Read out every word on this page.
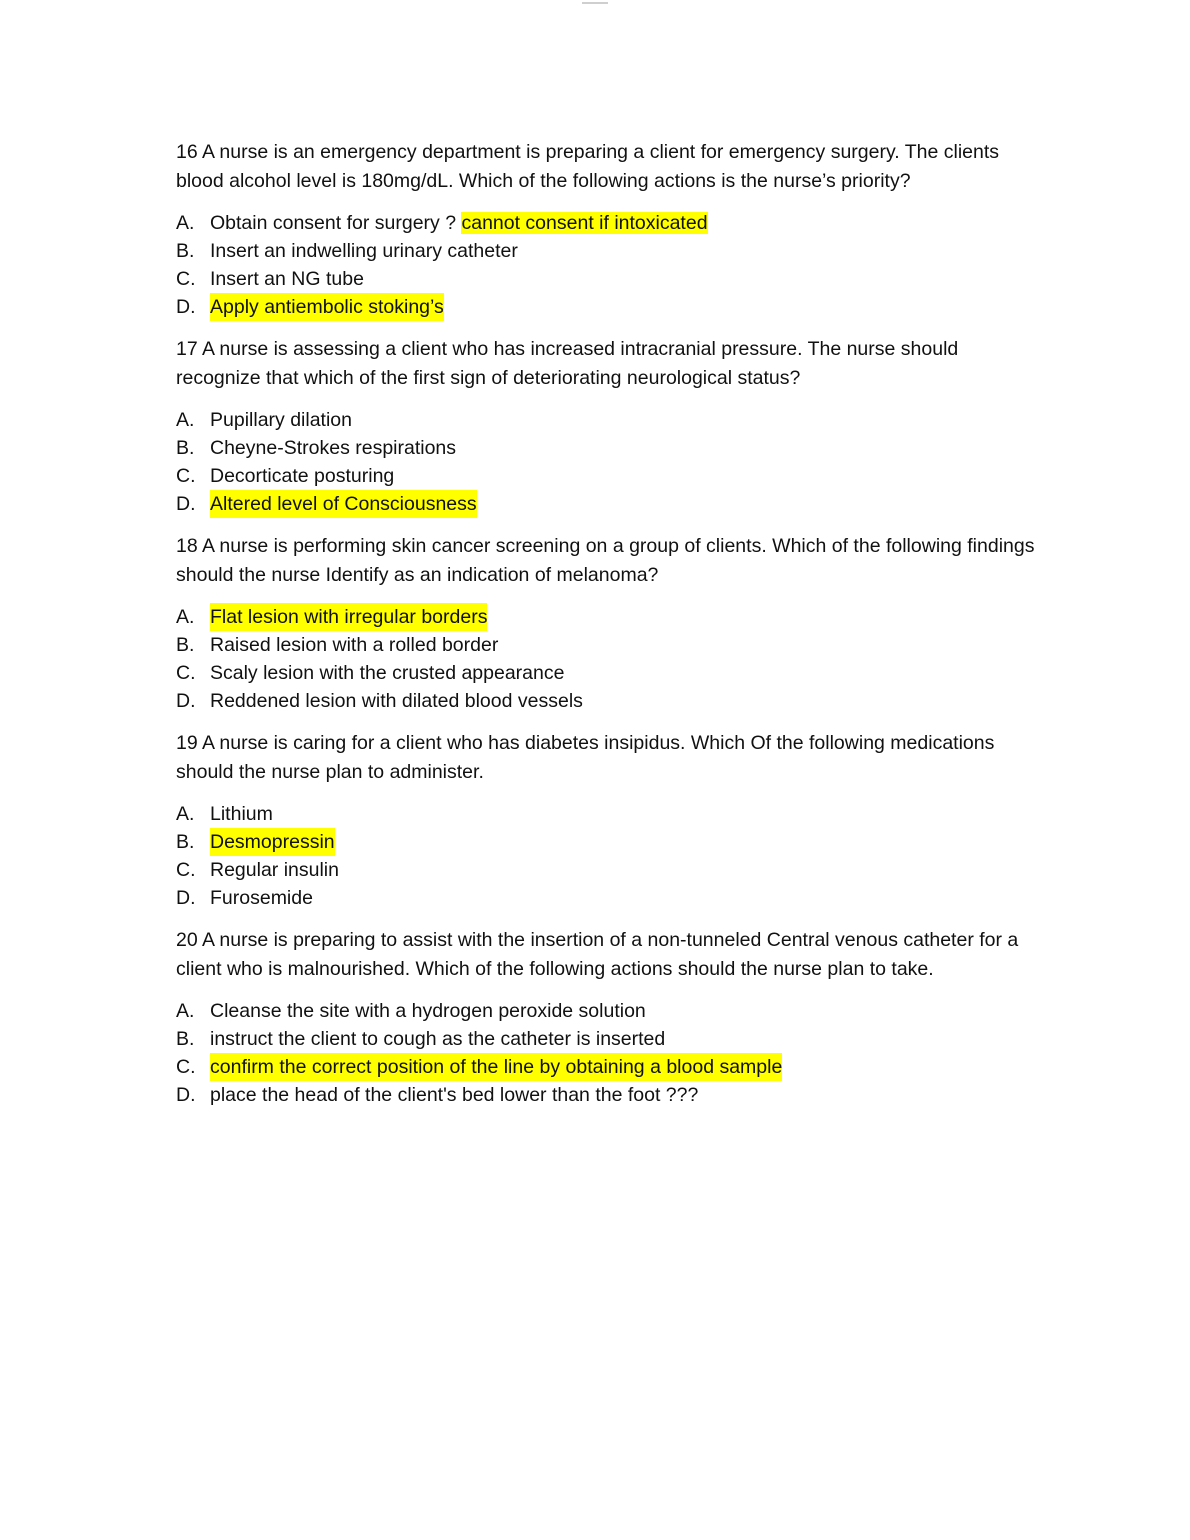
16 A nurse is an emergency department is preparing a client for emergency surgery. The clients blood alcohol level is 180mg/dL. Which of the following actions is the nurse’s priority?

A. Obtain consent for surgery ? cannot consent if intoxicated
B. Insert an indwelling urinary catheter
C. Insert an NG tube
D. Apply antiembolic stoking’s

17 A nurse is assessing a client who has increased intracranial pressure. The nurse should recognize that which of the first sign of deteriorating neurological status?

A. Pupillary dilation
B. Cheyne-Strokes respirations
C. Decorticate posturing
D. Altered level of Consciousness

18 A nurse is performing skin cancer screening on a group of clients. Which of the following findings should the nurse Identify as an indication of melanoma?

A. Flat lesion with irregular borders
B. Raised lesion with a rolled border
C. Scaly lesion with the crusted appearance
D. Reddened lesion with dilated blood vessels

19 A nurse is caring for a client who has diabetes insipidus. Which Of the following medications should the nurse plan to administer.

A. Lithium
B. Desmopressin
C. Regular insulin
D. Furosemide

20 A nurse is preparing to assist with the insertion of a non-tunneled Central venous catheter for a client who is malnourished. Which of the following actions should the nurse plan to take.

A. Cleanse the site with a hydrogen peroxide solution
B. instruct the client to cough as the catheter is inserted
C. confirm the correct position of the line by obtaining a blood sample
D. place the head of the client's bed lower than the foot ???
